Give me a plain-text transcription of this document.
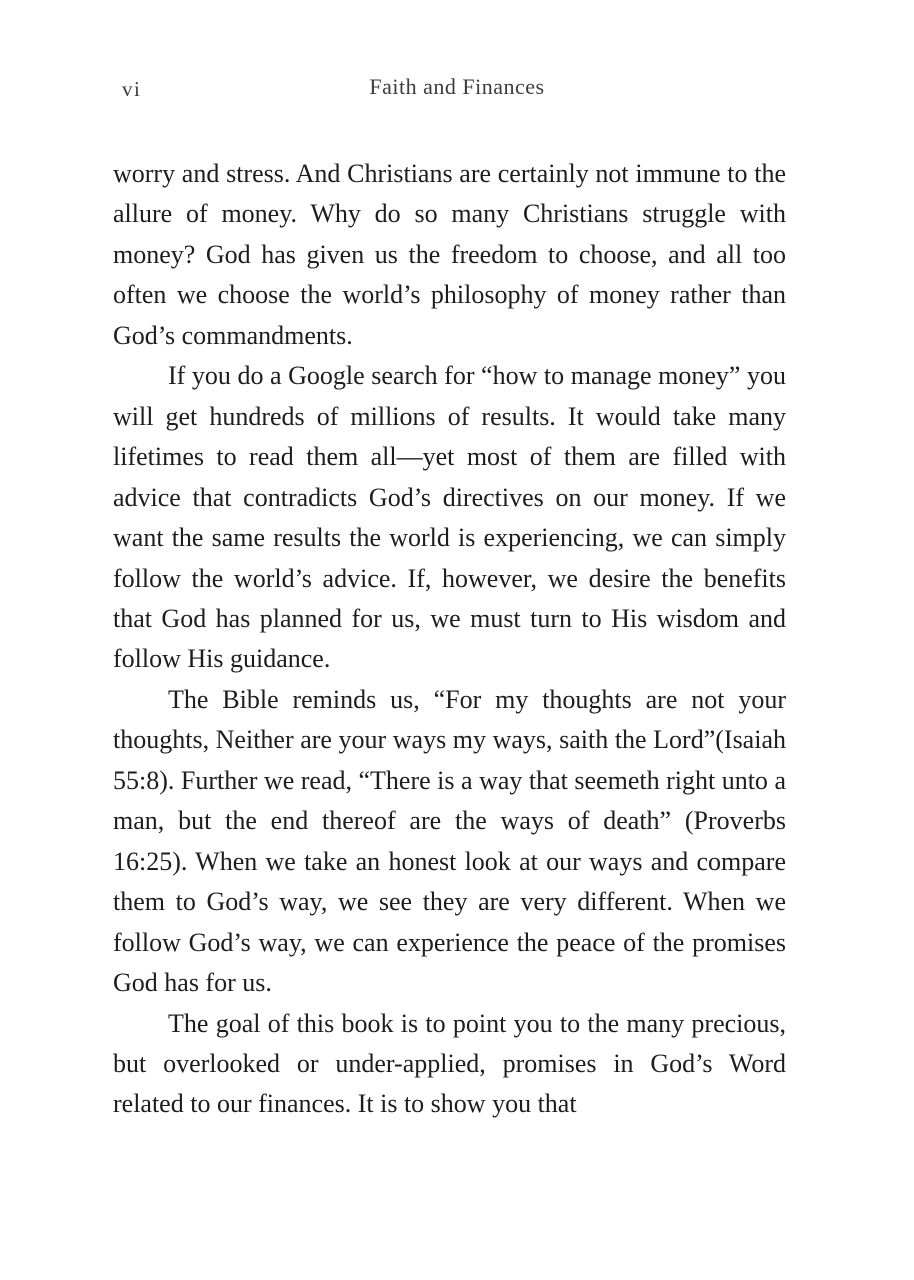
vi	Faith and Finances

worry and stress. And Christians are certainly not immune to the allure of money. Why do so many Christians struggle with money? God has given us the freedom to choose, and all too often we choose the world’s philosophy of money rather than God’s commandments.

If you do a Google search for “how to manage money” you will get hundreds of millions of results. It would take many lifetimes to read them all—yet most of them are filled with advice that contradicts God’s directives on our money. If we want the same results the world is experiencing, we can simply follow the world’s advice. If, however, we desire the benefits that God has planned for us, we must turn to His wisdom and follow His guidance.

The Bible reminds us, “For my thoughts are not your thoughts, Neither are your ways my ways, saith the Lord”(Isaiah 55:8). Further we read, “There is a way that seemeth right unto a man, but the end thereof are the ways of death” (Proverbs 16:25). When we take an honest look at our ways and compare them to God’s way, we see they are very different. When we follow God’s way, we can experience the peace of the promises God has for us.

The goal of this book is to point you to the many precious, but overlooked or under-applied, promises in God’s Word related to our finances. It is to show you that
